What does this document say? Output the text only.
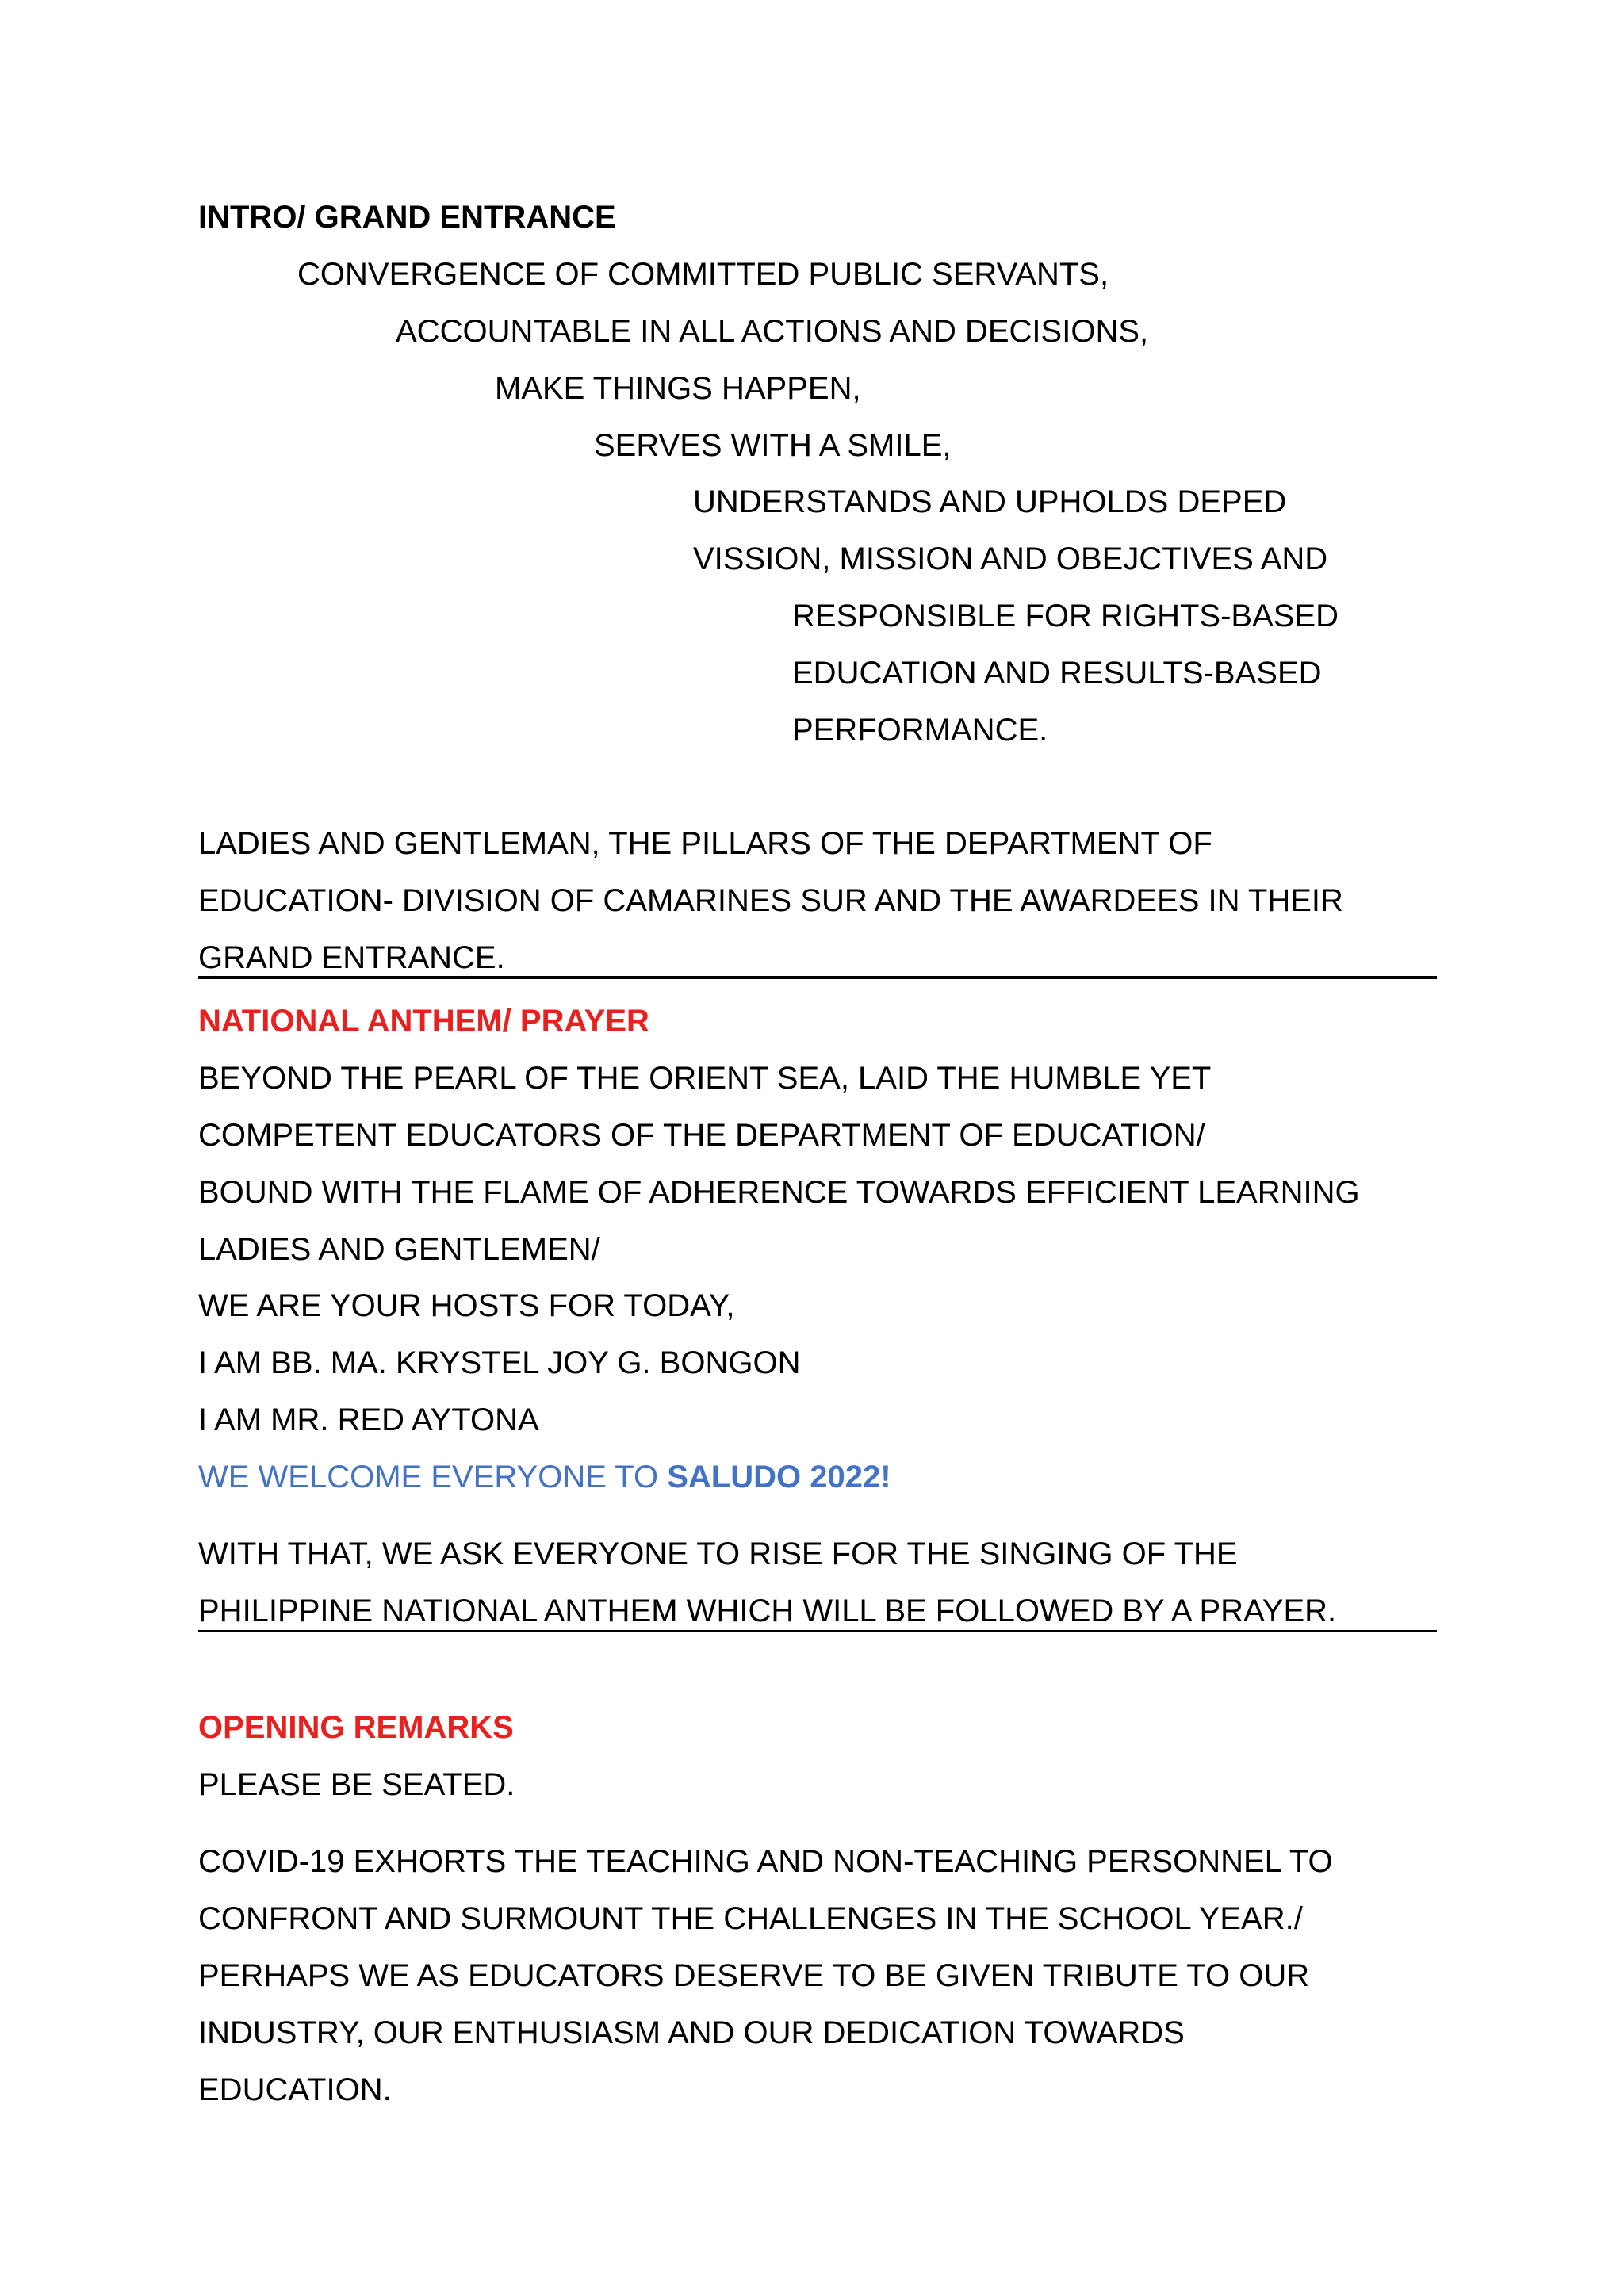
INTRO/ GRAND ENTRANCE
CONVERGENCE OF COMMITTED PUBLIC SERVANTS,
ACCOUNTABLE IN ALL ACTIONS AND DECISIONS,
MAKE THINGS HAPPEN,
SERVES WITH A SMILE,
UNDERSTANDS AND UPHOLDS DEPED
VISSION, MISSION AND OBEJCTIVES AND
RESPONSIBLE FOR RIGHTS-BASED
EDUCATION AND RESULTS-BASED
PERFORMANCE.
LADIES AND GENTLEMAN, THE PILLARS OF THE DEPARTMENT OF
EDUCATION- DIVISION OF CAMARINES SUR AND THE AWARDEES IN THEIR
GRAND ENTRANCE.
NATIONAL ANTHEM/ PRAYER
BEYOND THE PEARL OF THE ORIENT SEA, LAID THE HUMBLE YET
COMPETENT EDUCATORS OF THE DEPARTMENT OF EDUCATION/
BOUND WITH THE FLAME OF ADHERENCE TOWARDS EFFICIENT LEARNING
LADIES AND GENTLEMEN/
WE ARE YOUR HOSTS FOR TODAY,
I AM BB. MA. KRYSTEL JOY G. BONGON
I AM MR. RED AYTONA
WE WELCOME EVERYONE TO SALUDO 2022!
WITH THAT, WE ASK EVERYONE TO RISE FOR THE SINGING OF THE
PHILIPPINE NATIONAL ANTHEM WHICH WILL BE FOLLOWED BY A PRAYER.
OPENING REMARKS
PLEASE BE SEATED.
COVID-19 EXHORTS THE TEACHING AND NON-TEACHING PERSONNEL TO
CONFRONT AND SURMOUNT THE CHALLENGES IN THE SCHOOL YEAR./
PERHAPS WE AS EDUCATORS DESERVE TO BE GIVEN TRIBUTE TO OUR
INDUSTRY, OUR ENTHUSIASM AND OUR DEDICATION TOWARDS
EDUCATION.
